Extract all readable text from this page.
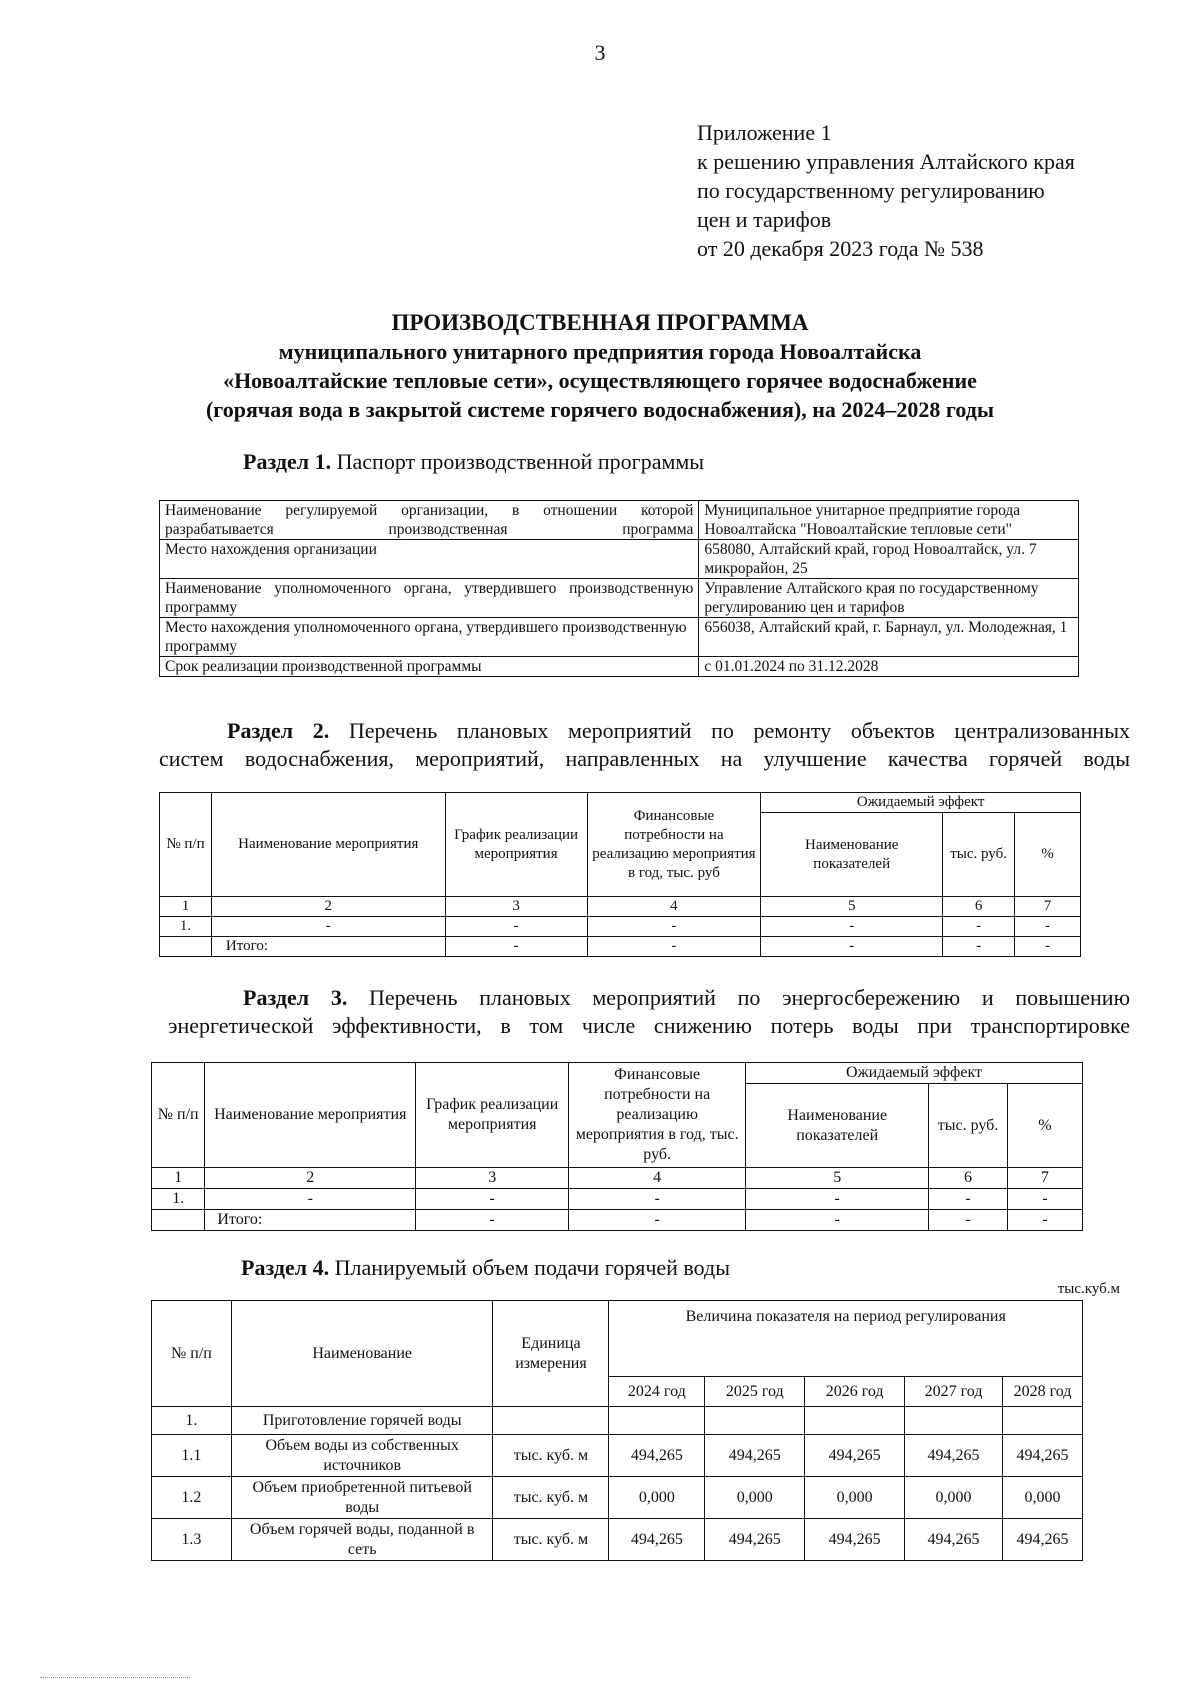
3
Приложение 1
к решению управления Алтайского края
по государственному регулированию
цен и тарифов
от 20 декабря 2023 года № 538
ПРОИЗВОДСТВЕННАЯ ПРОГРАММА
муниципального унитарного предприятия города Новоалтайска
«Новоалтайские тепловые сети», осуществляющего горячее водоснабжение
(горячая вода в закрытой системе горячего водоснабжения), на 2024–2028 годы
Раздел 1. Паспорт производственной программы
Наименование регулируемой организации, в отношении которой разрабатывается производственная программа	Муниципальное унитарное предприятие города Новоалтайска "Новоалтайские тепловые сети"
Место нахождения организации	658080, Алтайский край, город Новоалтайск, ул. 7 микрорайон, 25
Наименование уполномоченного органа, утвердившего производственную программу	Управление Алтайского края по государственному регулированию цен и тарифов
Место нахождения уполномоченного органа, утвердившего производственную программу	656038, Алтайский край, г. Барнаул, ул. Молодежная, 1
Срок реализации производственной программы	с 01.01.2024 по 31.12.2028
Раздел 2. Перечень плановых мероприятий по ремонту объектов централизованных
систем водоснабжения, мероприятий, направленных на улучшение качества горячей воды
№ п/п	Наименование мероприятия	График реализации мероприятия	Финансовые потребности на реализацию мероприятия в год, тыс. руб	Ожидаемый эффект		
				Наименование показателей	тыс. руб.	%
1	2	3	4	5	6	7
1.	-	-	-	-	-	-
	Итого:	-	-	-	-	-
Раздел 3. Перечень плановых мероприятий по энергосбережению и повышению
энергетической эффективности, в том числе снижению потерь воды при транспортировке
№ п/п	Наименование мероприятия	График реализации мероприятия	Финансовые потребности на реализацию мероприятия в год, тыс. руб.	Ожидаемый эффект		
				Наименование показателей	тыс. руб.	%
1	2	3	4	5	6	7
1.	-	-	-	-	-	-
	Итого:	-	-	-	-	-
Раздел 4. Планируемый объем подачи горячей воды
тыс.куб.м
№ п/п	Наименование	Единица измерения	Величина показателя на период регулирования				
			2024 год	2025 год	2026 год	2027 год	2028 год
1.	Приготовление горячей воды						
1.1	Объем воды из собственных источников	тыс. куб. м	494,265	494,265	494,265	494,265	494,265
1.2	Объем приобретенной питьевой воды	тыс. куб. м	0,000	0,000	0,000	0,000	0,000
1.3	Объем горячей воды, поданной в сеть	тыс. куб. м	494,265	494,265	494,265	494,265	494,265
